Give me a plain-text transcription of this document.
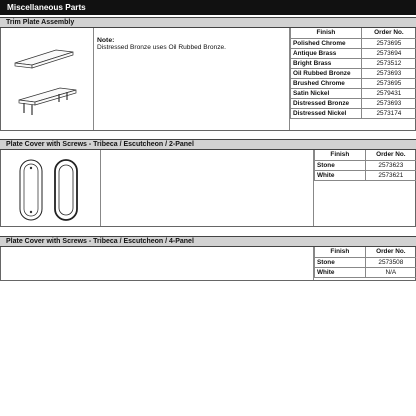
Miscellaneous Parts
Trim Plate Assembly
Note:
Distressed Bronze uses Oil Rubbed Bronze.
Finish	Order No.
Polished Chrome	2573695
Antique Brass	2573694
Bright Brass	2573512
Oil Rubbed Bronze	2573693
Brushed Chrome	2573695
Satin Nickel	2579431
Distressed Bronze	2573693
Distressed Nickel	2573174
Plate Cover with Screws - Tribeca / Escutcheon / 2-Panel
Finish	Order No.
Stone	2573623
White	2573621
Plate Cover with Screws - Tribeca / Escutcheon / 4-Panel
Finish	Order No.
Stone	2573508
White	N/A
